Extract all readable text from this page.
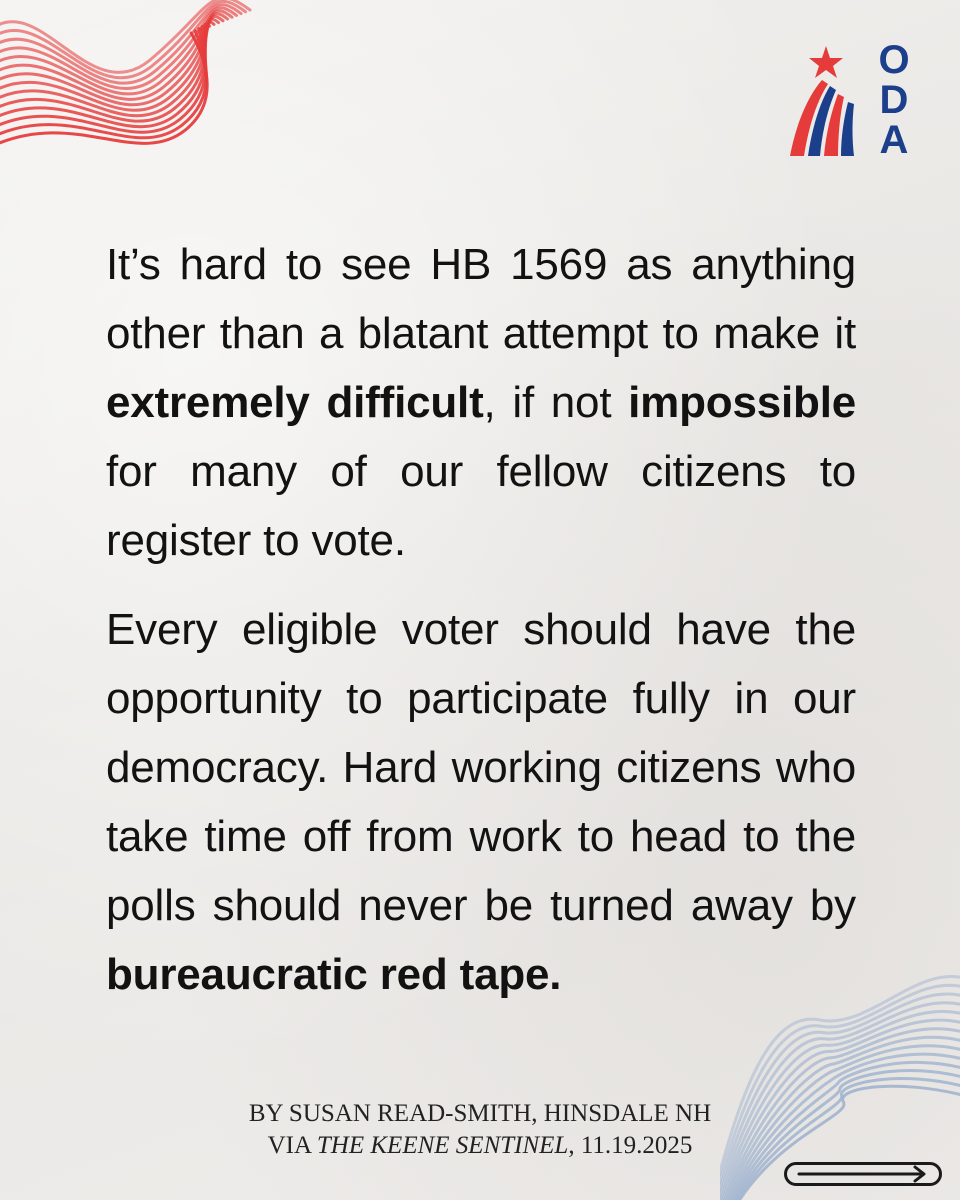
O
D
A

It’s hard to see HB 1569 as anything other than a blatant attempt to make it extremely difficult, if not impossible for many of our fellow citizens to register to vote.

Every eligible voter should have the opportunity to participate fully in our democracy. Hard working citizens who take time off from work to head to the polls should never be turned away by bureaucratic red tape.

BY SUSAN READ-SMITH, HINSDALE NH
VIA THE KEENE SENTINEL, 11.19.2025
